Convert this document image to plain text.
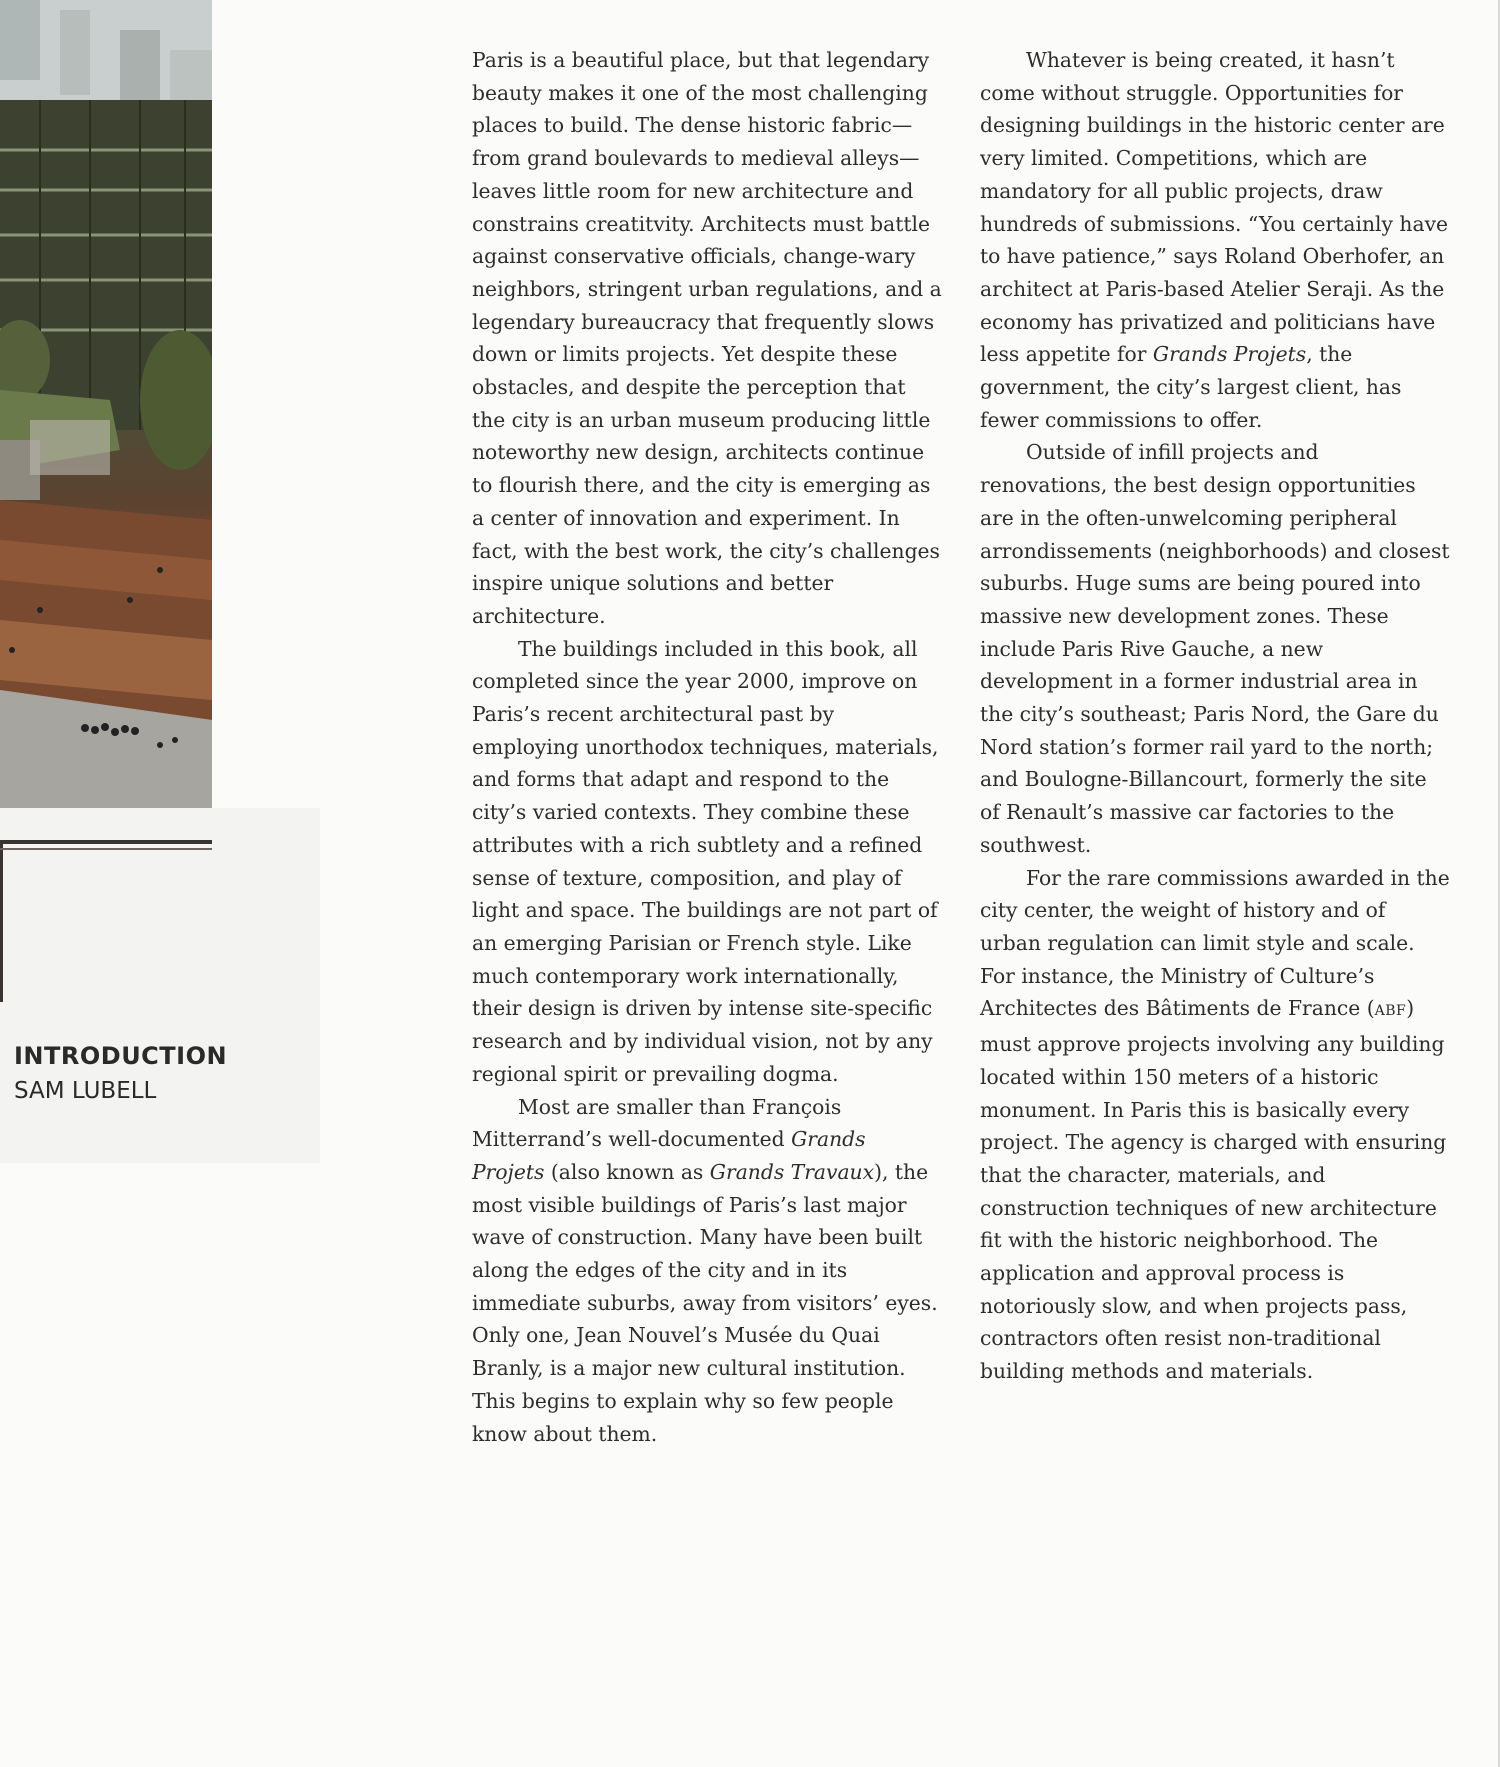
INTRODUCTION
SAM LUBELL

Paris is a beautiful place, but that legendary beauty makes it one of the most challenging places to build. The dense historic fabric—from grand boulevards to medieval alleys—leaves little room for new architecture and constrains creatitvity. Architects must battle against conservative officials, change-wary neighbors, stringent urban regulations, and a legendary bureaucracy that frequently slows down or limits projects. Yet despite these obstacles, and despite the perception that the city is an urban museum producing little noteworthy new design, architects continue to flourish there, and the city is emerging as a center of innovation and experiment. In fact, with the best work, the city’s challenges inspire unique solutions and better architecture.

The buildings included in this book, all completed since the year 2000, improve on Paris’s recent architectural past by employing unorthodox techniques, materials, and forms that adapt and respond to the city’s varied contexts. They combine these attributes with a rich subtlety and a refined sense of texture, composition, and play of light and space. The buildings are not part of an emerging Parisian or French style. Like much contemporary work internationally, their design is driven by intense site-specific research and by individual vision, not by any regional spirit or prevailing dogma.

Most are smaller than François Mitterrand’s well-documented Grands Projets (also known as Grands Travaux), the most visible buildings of Paris’s last major wave of construction. Many have been built along the edges of the city and in its immediate suburbs, away from visitors’ eyes. Only one, Jean Nouvel’s Musée du Quai Branly, is a major new cultural institution. This begins to explain why so few people know about them.

Whatever is being created, it hasn’t come without struggle. Opportunities for designing buildings in the historic center are very limited. Competitions, which are mandatory for all public projects, draw hundreds of submissions. “You certainly have to have patience,” says Roland Oberhofer, an architect at Paris-based Atelier Seraji. As the economy has privatized and politicians have less appetite for Grands Projets, the government, the city’s largest client, has fewer commissions to offer.

Outside of infill projects and renovations, the best design opportunities are in the often-unwelcoming peripheral arrondissements (neighborhoods) and closest suburbs. Huge sums are being poured into massive new development zones. These include Paris Rive Gauche, a new development in a former industrial area in the city’s southeast; Paris Nord, the Gare du Nord station’s former rail yard to the north; and Boulogne-Billancourt, formerly the site of Renault’s massive car factories to the southwest.

For the rare commissions awarded in the city center, the weight of history and of urban regulation can limit style and scale. For instance, the Ministry of Culture’s Architectes des Bâtiments de France (ABF) must approve projects involving any building located within 150 meters of a historic monument. In Paris this is basically every project. The agency is charged with ensuring that the character, materials, and construction techniques of new architecture fit with the historic neighborhood. The application and approval process is notoriously slow, and when projects pass, contractors often resist non-traditional building methods and materials.
